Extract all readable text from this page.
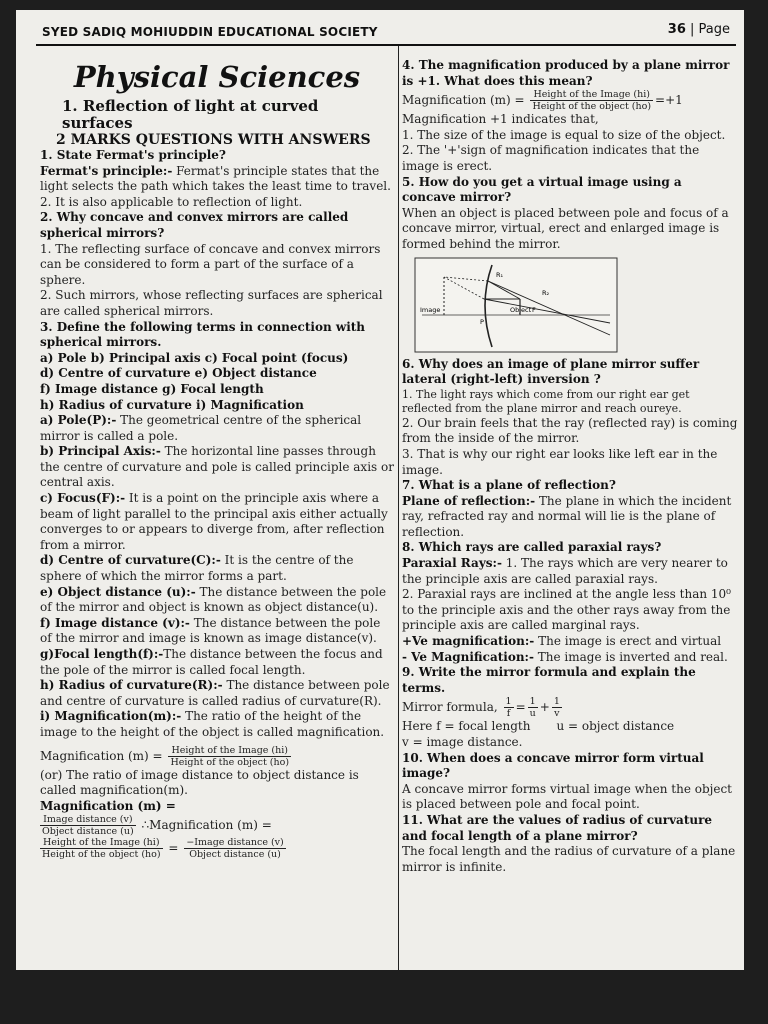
SYED SADIQ MOHIUDDIN EDUCATIONAL SOCIETY	36 | Page

Physical Sciences

1. Reflection of light at curved surfaces

2 MARKS QUESTIONS WITH ANSWERS

1. State Fermat's principle?

Fermat's principle:- Fermat's principle states that the light selects the path which takes the least time to travel.

2. It is also applicable to reflection of light.

2. Why concave and convex mirrors are called spherical mirrors?

1. The reflecting surface of concave and convex mirrors can be considered to form a part of the surface of a sphere.

2. Such mirrors, whose reflecting surfaces are spherical are called spherical mirrors.

3. Define the following terms in connection with spherical mirrors.

a) Pole b) Principal axis c) Focal point (focus)

d) Centre of curvature e) Object distance

f) Image distance g) Focal length

h) Radius of curvature i) Magnification

a) Pole(P):- The geometrical centre of the spherical mirror is called a pole.

b) Principal Axis:- The horizontal line passes through the centre of curvature and pole is called principle axis or central axis.

c) Focus(F):- It is a point on the principle axis where a beam of light parallel to the principal axis either actually converges to or appears to diverge from, after reflection from a mirror.

d) Centre of curvature(C):- It is the centre of the sphere of which the mirror forms a part.

e) Object distance (u):- The distance between the pole of the mirror and object is known as object distance(u).

f) Image distance (v):- The distance between the pole of the mirror and image is known as image distance(v).

g)Focal length(f):-The distance between the focus and the pole of the mirror is called focal length.

h) Radius of curvature(R):- The distance between pole and centre of curvature is called radius of curvature(R).

i) Magnification(m):- The ratio of the height of the image to the height of the object is called magnification.

Magnification $(m) = \frac{\text{Height of the Image (hi)}}{\text{Height of the object (ho)}}$

(or) The ratio of image distance to object distance is called magnification(m).

Magnification (m) =

$\frac{\text{Image distance (v)}}{\text{Object distance (u)}}$ ∴Magnification (m) =

$\frac{\text{Height of the Image (hi)}}{\text{Height of the object (ho)}} = \frac{\text{−Image distance (v)}}{\text{Object distance (u)}}$

4. The magnification produced by a plane mirror is +1. What does this mean?

Magnification $(m) = \frac{\text{Height of the Image (hi)}}{\text{Height of the object (ho)}} =+1$

Magnification +1 indicates that,

1. The size of the image is equal to size of the object.

2. The '+'sign of magnification indicates that the image is erect.

5. How do you get a virtual image using a concave mirror?

When an object is placed between pole and focus of a concave mirror, virtual, erect and enlarged image is formed behind the mirror.

Image
P
Object F
R₁
R₂

6. Why does an image of plane mirror suffer lateral (right-left) inversion ?

1. The light rays which come from our right ear get reflected from the plane mirror and reach oureye.

2. Our brain feels that the ray (reflected ray) is coming from the inside of the mirror.

3. That is why our right ear looks like left ear in the image.

7. What is a plane of reflection?

Plane of reflection:- The plane in which the incident ray, refracted ray and normal will lie is the plane of reflection.

8. Which rays are called paraxial rays?

Paraxial Rays:- 1. The rays which are very nearer to the principle axis are called paraxial rays.

2. Paraxial rays are inclined at the angle less than 10⁰ to the principle axis and the other rays away from the principle axis are called marginal rays.

+Ve magnification:- The image is erect and virtual

- Ve Magnification:- The image is inverted and real.

9. Write the mirror formula and explain the terms.

Mirror formula, $\frac{1}{f} = \frac{1}{u} + \frac{1}{v}$

Here f = focal length u = object distance

v = image distance.

10. When does a concave mirror form virtual image?

A concave mirror forms virtual image when the object is placed between pole and focal point.

11. What are the values of radius of curvature and focal length of a plane mirror?

The focal length and the radius of curvature of a plane mirror is infinite.
